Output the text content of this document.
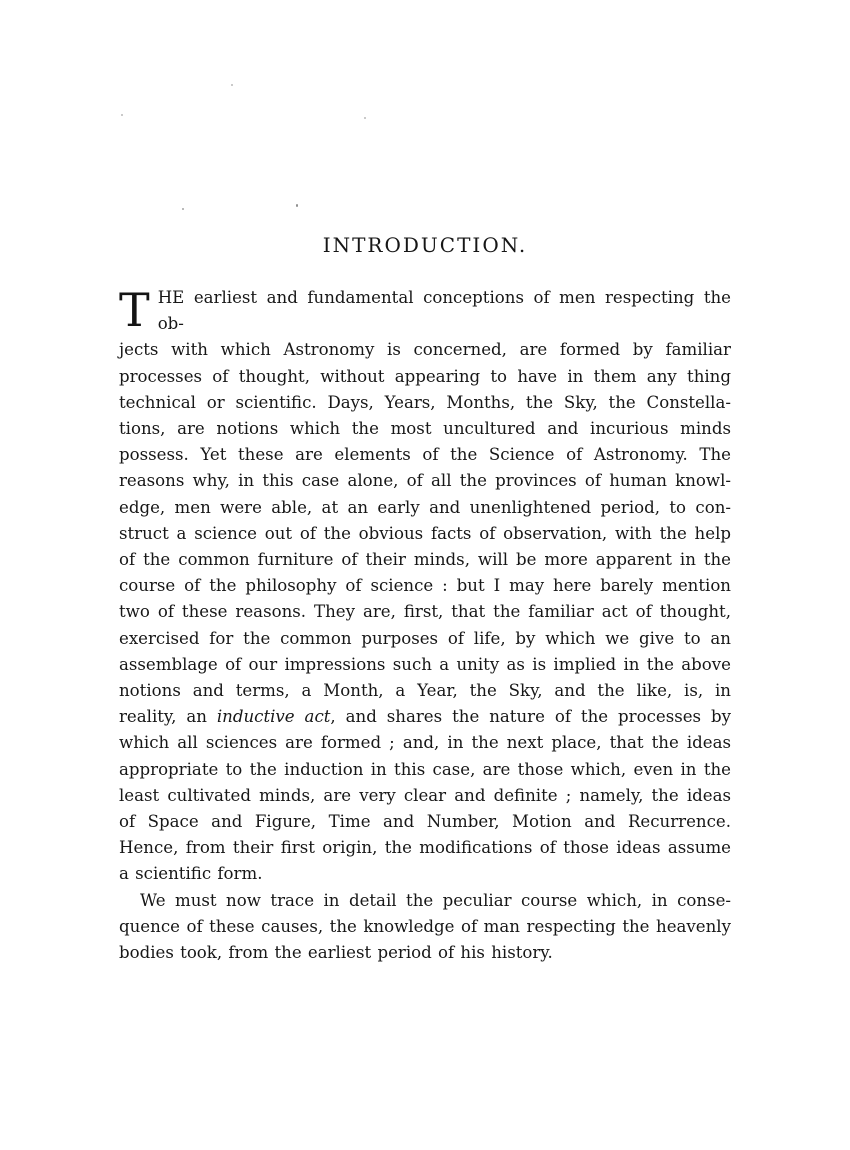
INTRODUCTION.
T HE earliest and fundamental conceptions of men respecting the ob-
jects with which Astronomy is concerned, are formed by familiar
processes of thought, without appearing to have in them any thing
technical or scientific. Days, Years, Months, the Sky, the Constella-
tions, are notions which the most uncultured and incurious minds
possess. Yet these are elements of the Science of Astronomy. The
reasons why, in this case alone, of all the provinces of human knowl-
edge, men were able, at an early and unenlightened period, to con-
struct a science out of the obvious facts of observation, with the help
of the common furniture of their minds, will be more apparent in the
course of the philosophy of science : but I may here barely mention
two of these reasons. They are, first, that the familiar act of thought,
exercised for the common purposes of life, by which we give to an
assemblage of our impressions such a unity as is implied in the above
notions and terms, a Month, a Year, the Sky, and the like, is, in
reality, an inductive act, and shares the nature of the processes by
which all sciences are formed ; and, in the next place, that the ideas
appropriate to the induction in this case, are those which, even in the
least cultivated minds, are very clear and definite ; namely, the ideas
of Space and Figure, Time and Number, Motion and Recurrence.
Hence, from their first origin, the modifications of those ideas assume
a scientific form.
We must now trace in detail the peculiar course which, in conse-
quence of these causes, the knowledge of man respecting the heavenly
bodies took, from the earliest period of his history.
